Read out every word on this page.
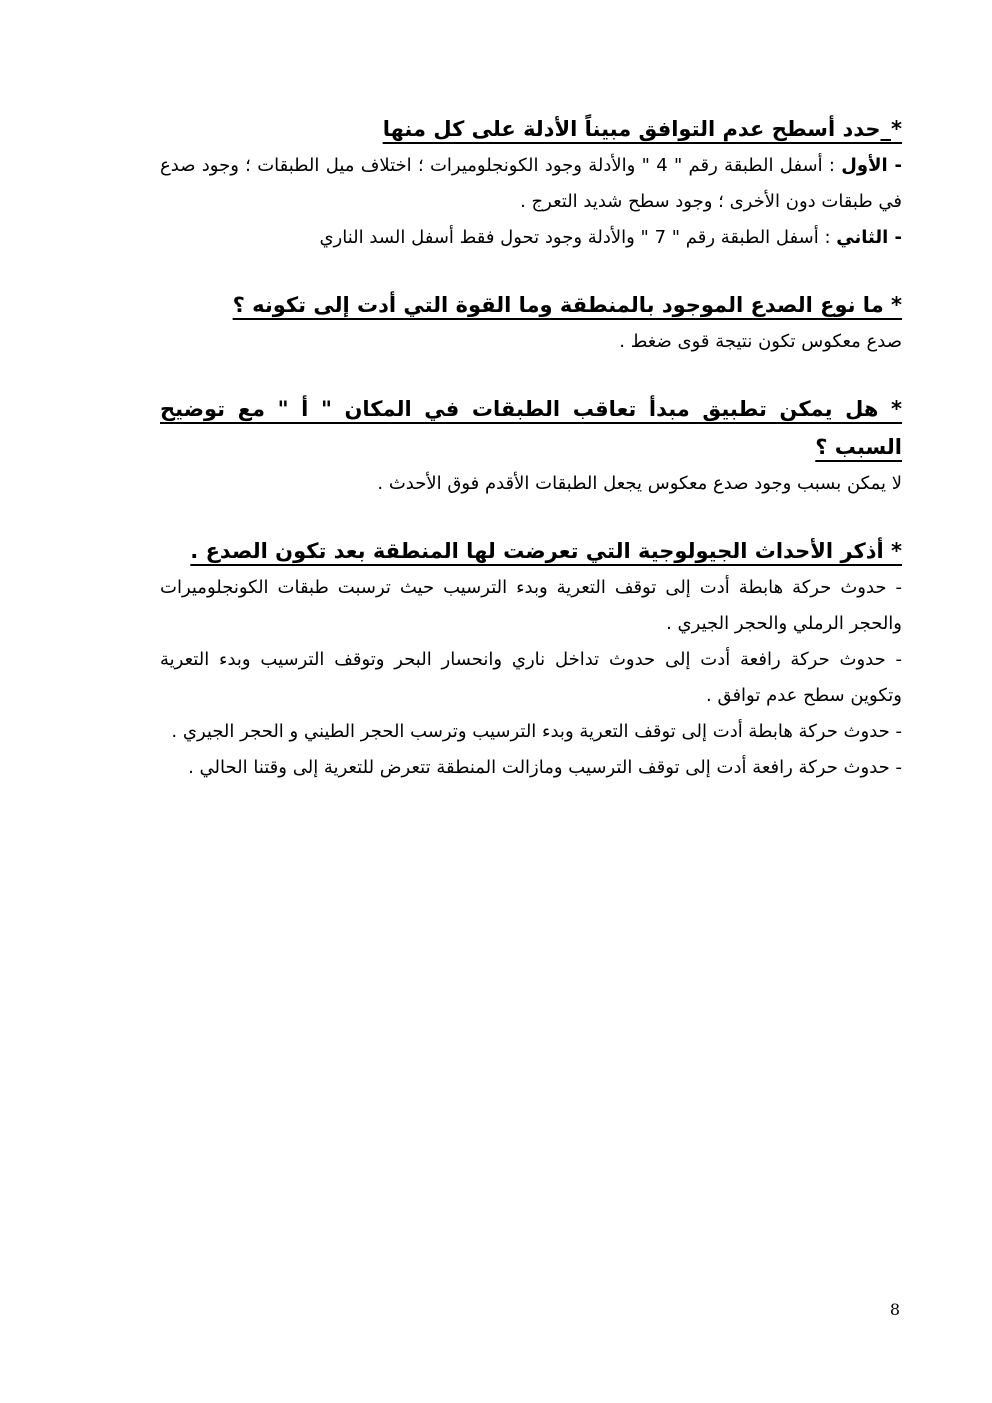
*_حدد أسطح عدم التوافق مبيناً الأدلة على كل منها
- الأول : أسفل الطبقة رقم " 4 " والأدلة وجود الكونجلوميرات ؛ اختلاف ميل الطبقات ؛ وجود صدع في طبقات دون الأخرى ؛ وجود سطح شديد التعرج .
- الثاني : أسفل الطبقة رقم " 7 " والأدلة وجود تحول فقط أسفل السد الناري
* ما نوع الصدع الموجود بالمنطقة وما القوة التي أدت إلى تكونه ؟
صدع معكوس تكون نتيجة قوى ضغط .
* هل يمكن تطبيق مبدأ تعاقب الطبقات في المكان " أ " مع توضيح السبب ؟
لا يمكن بسبب وجود صدع معكوس يجعل الطبقات الأقدم فوق الأحدث .
* أذكر الأحداث الجيولوجية التي تعرضت لها المنطقة بعد تكون الصدع .
- حدوث حركة هابطة أدت إلى توقف التعرية وبدء الترسيب حيث ترسبت طبقات الكونجلوميرات والحجر الرملي والحجر الجيري .
- حدوث حركة رافعة أدت إلى حدوث تداخل ناري وانحسار البحر وتوقف الترسيب وبدء التعرية وتكوين سطح عدم توافق .
- حدوث حركة هابطة أدت إلى توقف التعرية وبدء الترسيب وترسب الحجر الطيني و الحجر الجيري .
- حدوث حركة رافعة أدت إلى توقف الترسيب ومازالت المنطقة تتعرض للتعرية إلى وقتنا الحالي .
8
